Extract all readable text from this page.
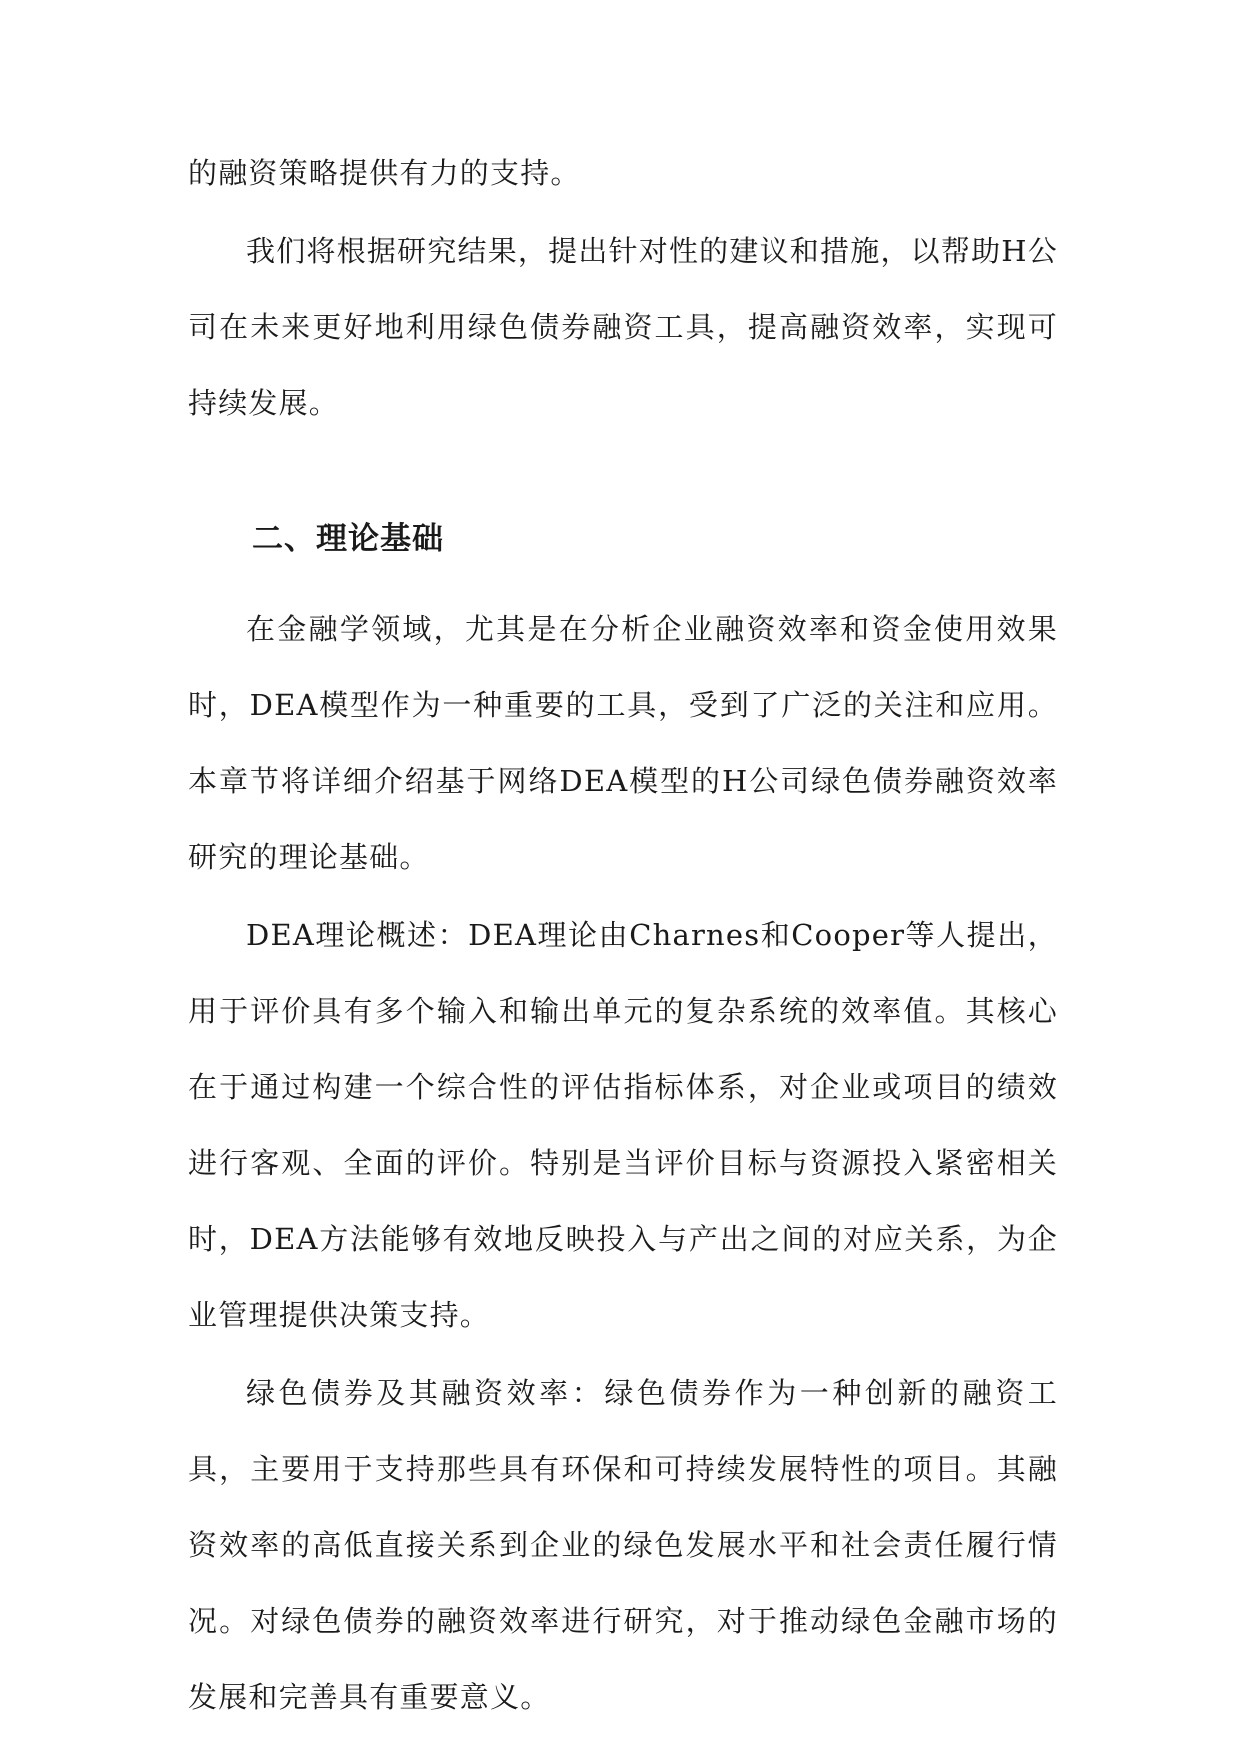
的融资策略提供有力的支持。

我们将根据研究结果，提出针对性的建议和措施，以帮助H公司在未来更好地利用绿色债券融资工具，提高融资效率，实现可持续发展。

二、理论基础

在金融学领域，尤其是在分析企业融资效率和资金使用效果时，DEA模型作为一种重要的工具，受到了广泛的关注和应用。本章节将详细介绍基于网络DEA模型的H公司绿色债券融资效率研究的理论基础。

DEA理论概述：DEA理论由Charnes和Cooper等人提出，用于评价具有多个输入和输出单元的复杂系统的效率值。其核心在于通过构建一个综合性的评估指标体系，对企业或项目的绩效进行客观、全面的评价。特别是当评价目标与资源投入紧密相关时，DEA方法能够有效地反映投入与产出之间的对应关系，为企业管理提供决策支持。

绿色债券及其融资效率：绿色债券作为一种创新的融资工具，主要用于支持那些具有环保和可持续发展特性的项目。其融资效率的高低直接关系到企业的绿色发展水平和社会责任履行情况。对绿色债券的融资效率进行研究，对于推动绿色金融市场的发展和完善具有重要意义。
